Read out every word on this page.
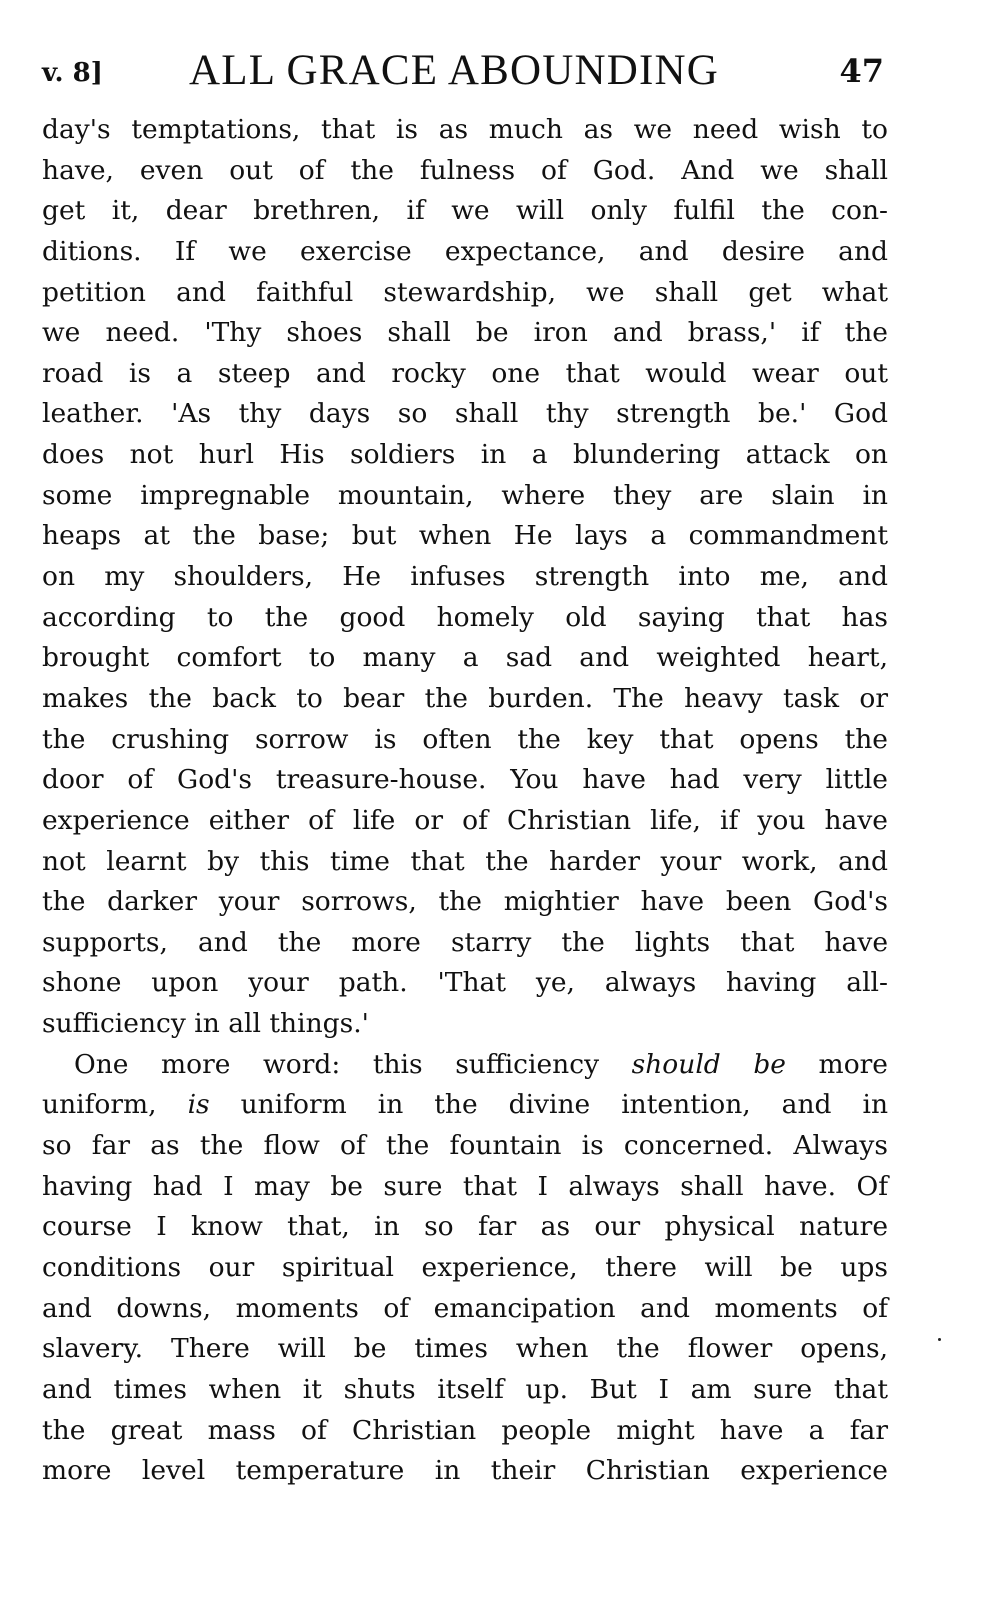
v. 8] ALL GRACE ABOUNDING	47
day's temptations, that is as much as we need wish to
have, even out of the fulness of God. And we shall
get it, dear brethren, if we will only fulfil the con-
ditions. If we exercise expectance, and desire and
petition and faithful stewardship, we shall get what
we need. 'Thy shoes shall be iron and brass,' if the
road is a steep and rocky one that would wear out
leather. 'As thy days so shall thy strength be.' God
does not hurl His soldiers in a blundering attack on
some impregnable mountain, where they are slain in
heaps at the base; but when He lays a commandment
on my shoulders, He infuses strength into me, and
according to the good homely old saying that has
brought comfort to many a sad and weighted heart,
makes the back to bear the burden. The heavy task or
the crushing sorrow is often the key that opens the
door of God's treasure-house. You have had very little
experience either of life or of Christian life, if you have
not learnt by this time that the harder your work, and
the darker your sorrows, the mightier have been God's
supports, and the more starry the lights that have
shone upon your path. 'That ye, always having all-
sufficiency in all things.'
One more word: this sufficiency should be more
uniform, is uniform in the divine intention, and in
so far as the flow of the fountain is concerned. Always
having had I may be sure that I always shall have. Of
course I know that, in so far as our physical nature
conditions our spiritual experience, there will be ups
and downs, moments of emancipation and moments of
slavery. There will be times when the flower opens,
and times when it shuts itself up. But I am sure that
the great mass of Christian people might have a far
more level temperature in their Christian experience
